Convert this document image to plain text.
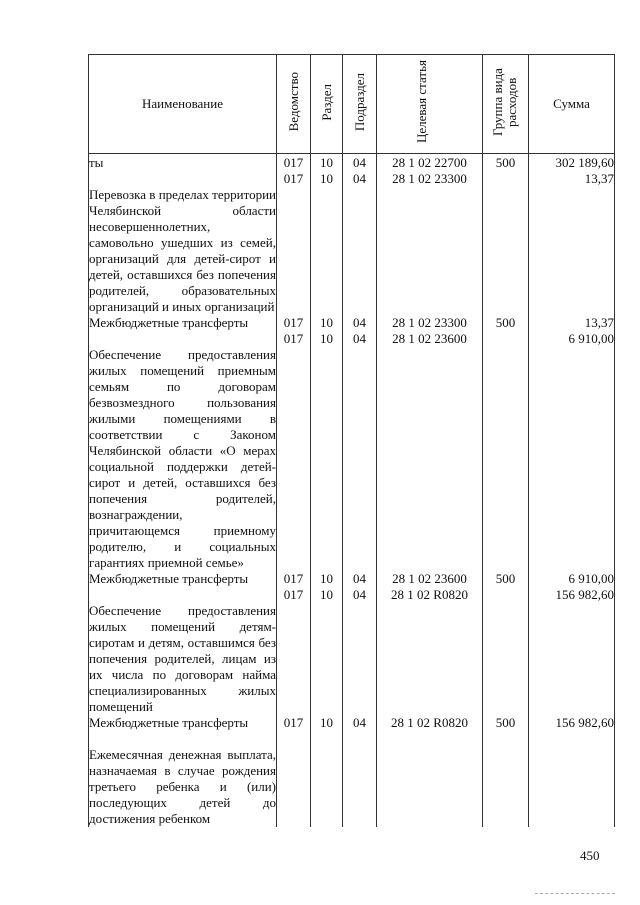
Наименование	Ведомство	Раздел	Подраздел	Целевая статья	Группа вида расходов	Сумма
ты	017	10	04	28 1 02 22700	500	302 189,60
Перевозка в пределах территории Челябинской области несовершеннолетних, самовольно ушедших из семей, организаций для детей-сирот и детей, оставшихся без попечения родителей, образовательных организаций и иных организаций	017	10	04	28 1 02 23300		13,37
Межбюджетные трансферты	017	10	04	28 1 02 23300	500	13,37
Обеспечение предоставления жилых помещений приемным семьям по договорам безвозмездного пользования жилыми помещениями в соответствии с Законом Челябинской области «О мерах социальной поддержки детей-сирот и детей, оставшихся без попечения родителей, вознаграждении, причитающемся приемному родителю, и социальных гарантиях приемной семье»	017	10	04	28 1 02 23600		6 910,00
Межбюджетные трансферты	017	10	04	28 1 02 23600	500	6 910,00
Обеспечение предоставления жилых помещений детям-сиротам и детям, оставшимся без попечения родителей, лицам из их числа по договорам найма специализированных жилых помещений	017	10	04	28 1 02 R0820		156 982,60
Межбюджетные трансферты	017	10	04	28 1 02 R0820	500	156 982,60
Ежемесячная денежная выплата, назначаемая в случае рождения третьего ребенка и (или) последующих детей до достижения ребенком						
450
